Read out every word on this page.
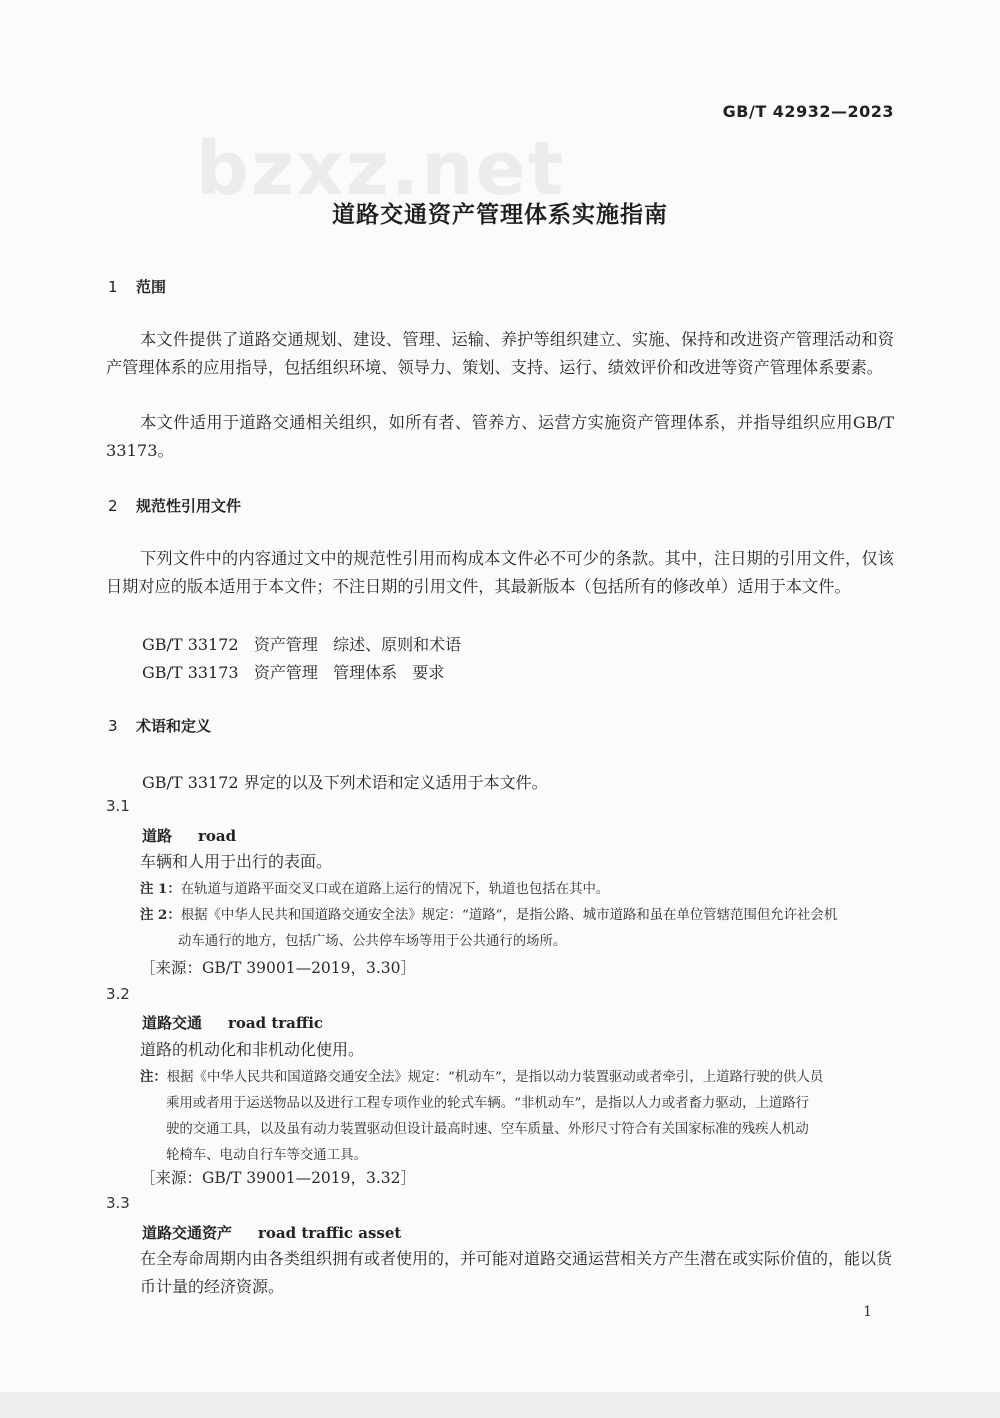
GB/T 42932—2023
bzxz.net
道路交通资产管理体系实施指南
1 范围
本文件提供了道路交通规划、建设、管理、运输、养护等组织建立、实施、保持和改进资产管理活动和资产管理体系的应用指导，包括组织环境、领导力、策划、支持、运行、绩效评价和改进等资产管理体系要素。
本文件适用于道路交通相关组织，如所有者、管养方、运营方实施资产管理体系，并指导组织应用GB/T 33173。
2 规范性引用文件
下列文件中的内容通过文中的规范性引用而构成本文件必不可少的条款。其中，注日期的引用文件，仅该日期对应的版本适用于本文件；不注日期的引用文件，其最新版本（包括所有的修改单）适用于本文件。
GB/T 33172   资产管理   综述、原则和术语
GB/T 33173   资产管理   管理体系   要求
3 术语和定义
GB/T 33172 界定的以及下列术语和定义适用于本文件。
3.1
道路 road
车辆和人用于出行的表面。
注 1：在轨道与道路平面交叉口或在道路上运行的情况下，轨道也包括在其中。
注 2：根据《中华人民共和国道路交通安全法》规定：“道路”，是指公路、城市道路和虽在单位管辖范围但允许社会机
动车通行的地方，包括广场、公共停车场等用于公共通行的场所。
［来源：GB/T 39001—2019，3.30］
3.2
道路交通 road traffic
道路的机动化和非机动化使用。
注：根据《中华人民共和国道路交通安全法》规定：“机动车”，是指以动力装置驱动或者牵引，上道路行驶的供人员
乘用或者用于运送物品以及进行工程专项作业的轮式车辆。“非机动车”，是指以人力或者畜力驱动，上道路行
驶的交通工具，以及虽有动力装置驱动但设计最高时速、空车质量、外形尺寸符合有关国家标准的残疾人机动
轮椅车、电动自行车等交通工具。
［来源：GB/T 39001—2019，3.32］
3.3
道路交通资产 road traffic asset
在全寿命周期内由各类组织拥有或者使用的，并可能对道路交通运营相关方产生潜在或实际价值的，能以货币计量的经济资源。
1
